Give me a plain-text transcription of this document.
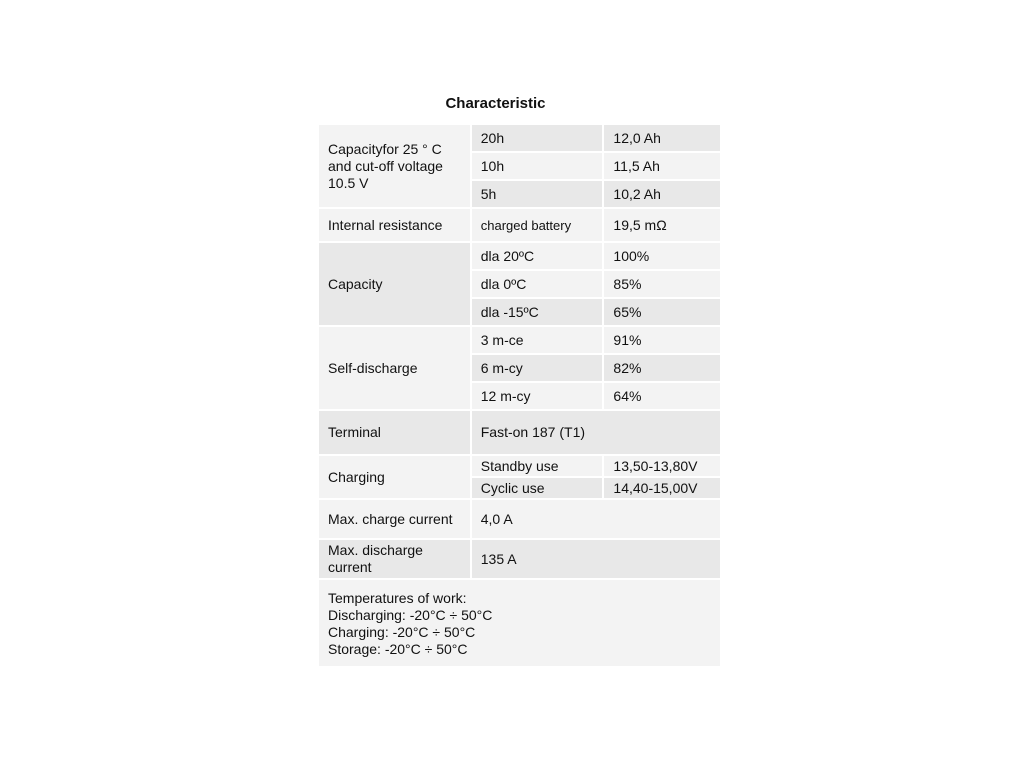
Characteristic
Capacityfor 25 ° C and cut-off voltage 10.5 V	20h	12,0 Ah
	10h	11,5 Ah
	5h	10,2 Ah
Internal resistance	charged battery	19,5 mΩ
Capacity	dla 20ºC	100%
	dla 0ºC	85%
	dla -15ºC	65%
Self-discharge	3 m-ce	91%
	6 m-cy	82%
	12 m-cy	64%
Terminal	Fast-on 187 (T1)	
Charging	Standby use	13,50-13,80V
	Cyclic use	14,40-15,00V
Max. charge current	4,0 A	
Max. discharge current	135 A	

Temperatures of work:
Discharging: -20°C ÷ 50°C
Charging: -20°C ÷ 50°C
Storage: -20°C ÷ 50°C		
